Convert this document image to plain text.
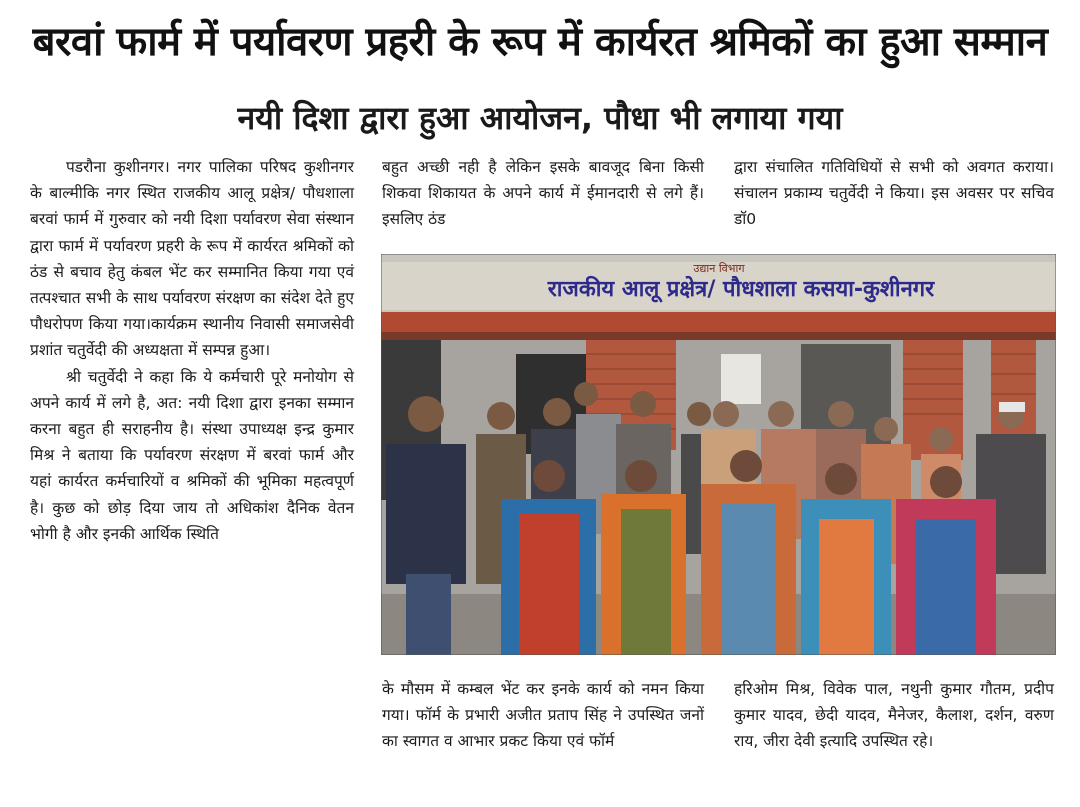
बरवां फार्म में पर्यावरण प्रहरी के रूप में कार्यरत श्रमिकों का हुआ सम्मान
नयी दिशा द्वारा हुआ आयोजन, पौधा भी लगाया गया

पडरौना कुशीनगर। नगर पालिका परिषद कुशीनगर के बाल्मीकि नगर स्थित राजकीय आलू प्रक्षेत्र/ पौधशाला बरवां फार्म में गुरुवार को नयी दिशा पर्यावरण सेवा संस्थान द्वारा फार्म में पर्यावरण प्रहरी के रूप में कार्यरत श्रमिकों को ठंड से बचाव हेतु कंबल भेंट कर सम्मानित किया गया एवं तत्पश्चात सभी के साथ पर्यावरण संरक्षण का संदेश देते हुए पौधरोपण किया गया।कार्यक्रम स्थानीय निवासी समाजसेवी प्रशांत चतुर्वेदी की अध्यक्षता में सम्पन्न हुआ।

श्री चतुर्वेदी ने कहा कि ये कर्मचारी पूरे मनोयोग से अपने कार्य में लगे है, अत: नयी दिशा द्वारा इनका सम्मान करना बहुत ही सराहनीय है। संस्था उपाध्यक्ष इन्द्र कुमार मिश्र ने बताया कि पर्यावरण संरक्षण में बरवां फार्म और यहां कार्यरत कर्मचारियों व श्रमिकों की भूमिका महत्वपूर्ण है। कुछ को छोड़ दिया जाय तो अधिकांश दैनिक वेतन भोगी है और इनकी आर्थिक स्थिति

बहुत अच्छी नही है लेकिन इसके बावजूद बिना किसी शिकवा शिकायत के अपने कार्य में ईमानदारी से लगे हैं। इसलिए ठंड

द्वारा संचालित गतिविधियों से सभी को अवगत कराया। संचालन प्रकाम्य चतुर्वेदी ने किया। इस अवसर पर सचिव डॉ0

उद्यान विभाग
राजकीय आलू प्रक्षेत्र/ पौधशाला कसया-कुशीनगर

के मौसम में कम्बल भेंट कर इनके कार्य को नमन किया गया। फॉर्म के प्रभारी अजीत प्रताप सिंह ने उपस्थित जनों का स्वागत व आभार प्रकट किया एवं फॉर्म

हरिओम मिश्र, विवेक पाल, नथुनी कुमार गौतम, प्रदीप कुमार यादव, छेदी यादव, मैनेजर, कैलाश, दर्शन, वरुण राय, जीरा देवी इत्यादि उपस्थित रहे।
